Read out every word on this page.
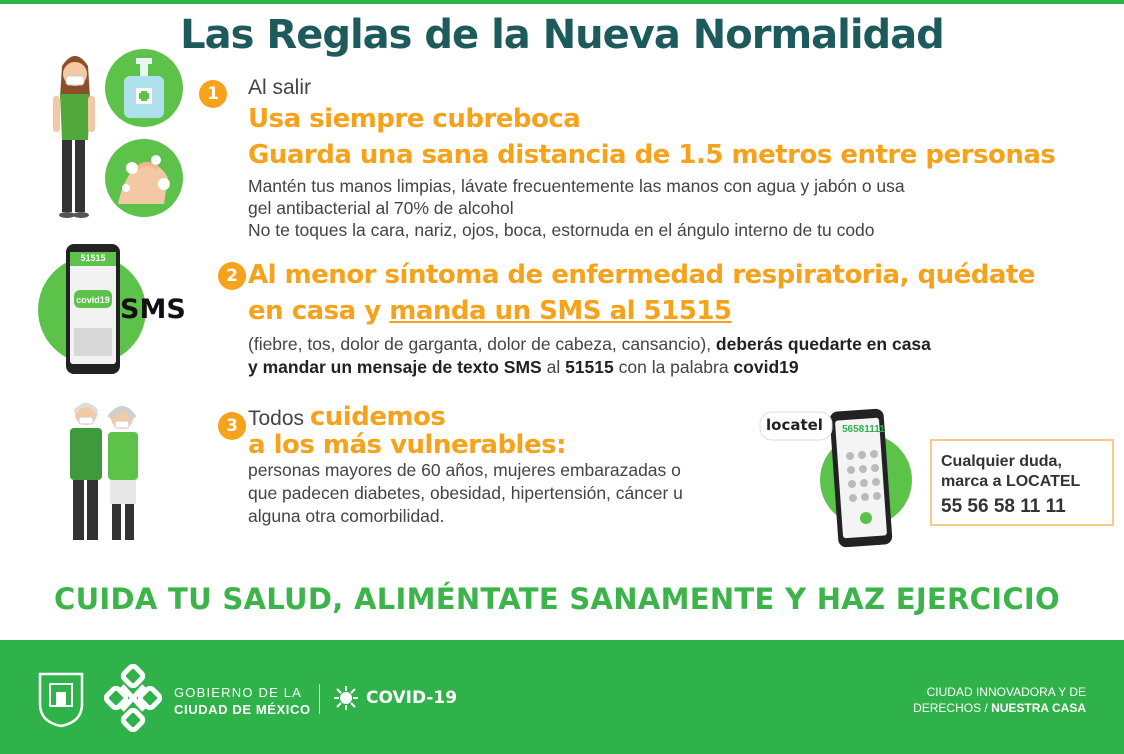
Las Reglas de la Nueva Normalidad
1	Al salir
Usa siempre cubreboca
Guarda una sana distancia de 1.5 metros entre personas
Mantén tus manos limpias, lávate frecuentemente las manos con agua y jabón o usa
gel antibacterial al 70% de alcohol
No te toques la cara, nariz, ojos, boca, estornuda en el ángulo interno de tu codo
51515
covid19 SMS
2 Al menor síntoma de enfermedad respiratoria, quédate
en casa y manda un SMS al 51515
(fiebre, tos, dolor de garganta, dolor de cabeza, cansancio), deberás quedarte en casa
y mandar un mensaje de texto SMS al 51515 con la palabra covid19
3 Todos cuidemos
a los más vulnerables:
personas mayores de 60 años, mujeres embarazadas o
que padecen diabetes, obesidad, hipertensión, cáncer u
alguna otra comorbilidad.
locatel 56581111
Cualquier duda,
marca a LOCATEL
55 56 58 11 11
CUIDA TU SALUD, ALIMÉNTATE SANAMENTE Y HAZ EJERCICIO
GOBIERNO DE LA
CIUDAD DE MÉXICO
COVID-19	CIUDAD INNOVADORA Y DE
DERECHOS / NUESTRA CASA
